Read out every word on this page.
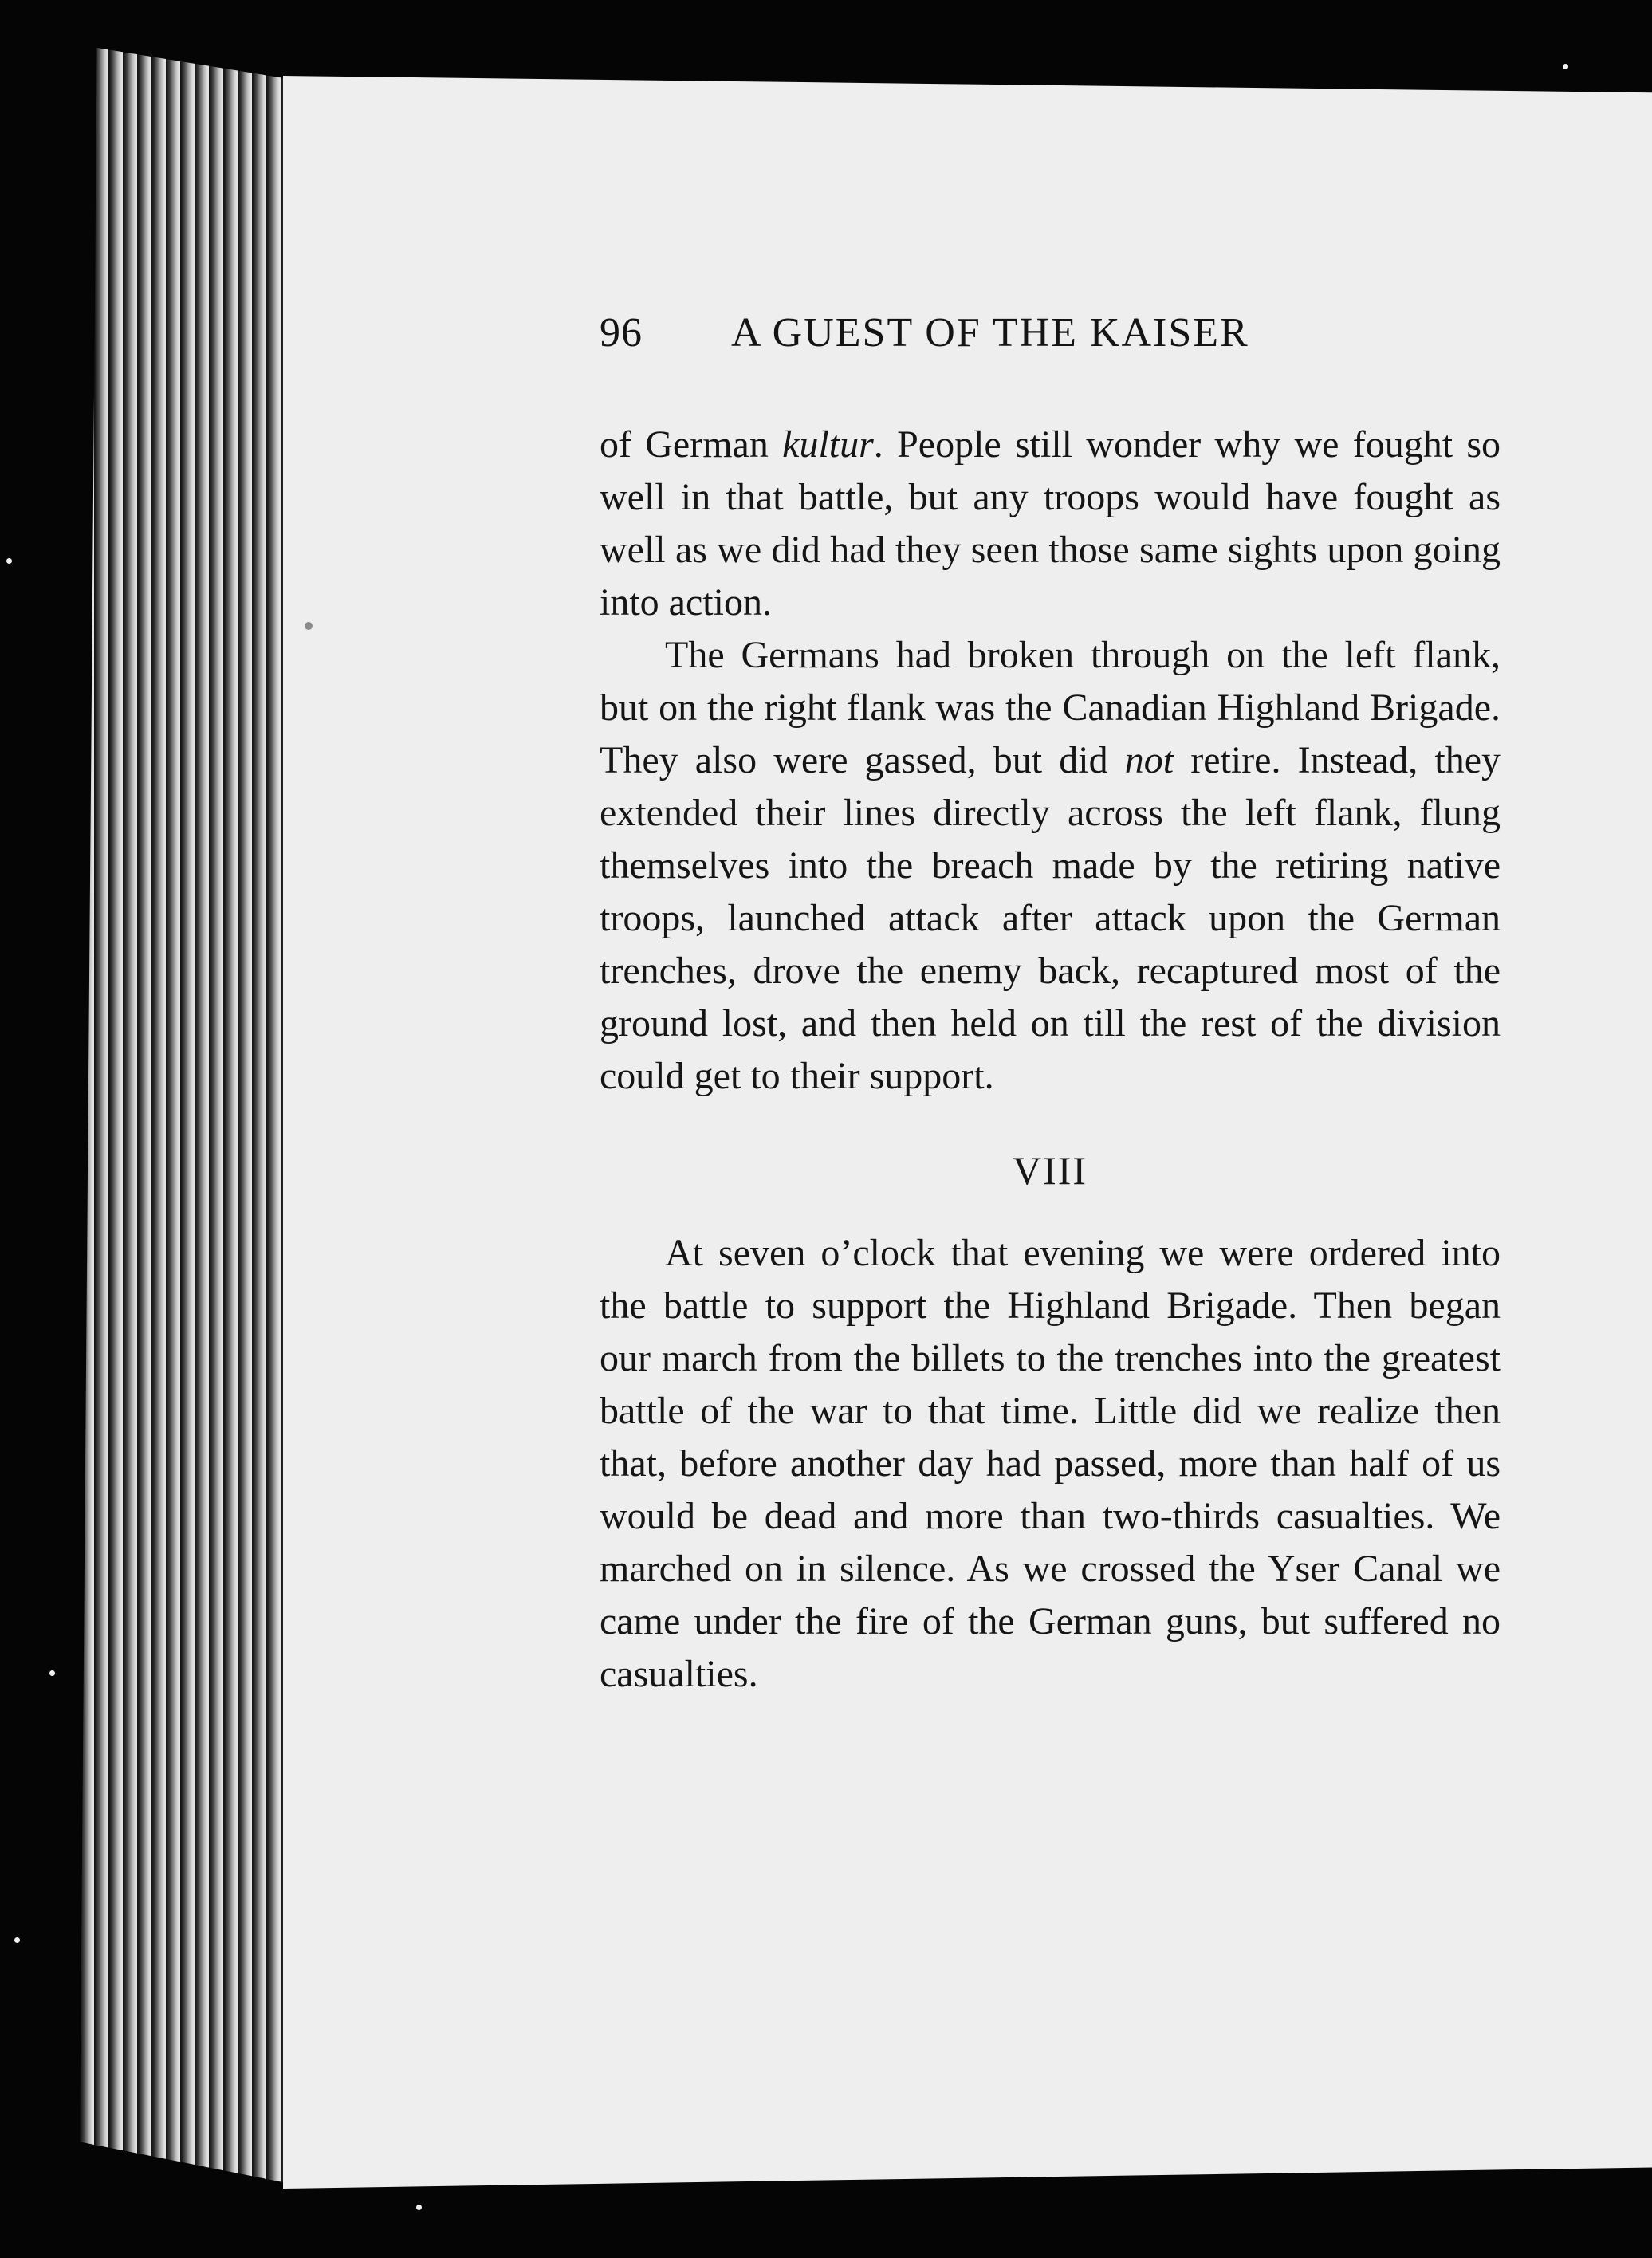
96 A GUEST OF THE KAISER

of German kultur. People still wonder why we fought so well in that battle, but any troops would have fought as well as we did had they seen those same sights upon going into action.

The Germans had broken through on the left flank, but on the right flank was the Canadian Highland Brigade. They also were gassed, but did not retire. Instead, they extended their lines directly across the left flank, flung themselves into the breach made by the retiring native troops, launched attack after attack upon the German trenches, drove the enemy back, recaptured most of the ground lost, and then held on till the rest of the division could get to their support.

VIII

At seven o’clock that evening we were ordered into the battle to support the Highland Brigade. Then began our march from the billets to the trenches into the greatest battle of the war to that time. Little did we realize then that, before another day had passed, more than half of us would be dead and more than two-thirds casualties. We marched on in silence. As we crossed the Yser Canal we came under the fire of the German guns, but suffered no casualties.
